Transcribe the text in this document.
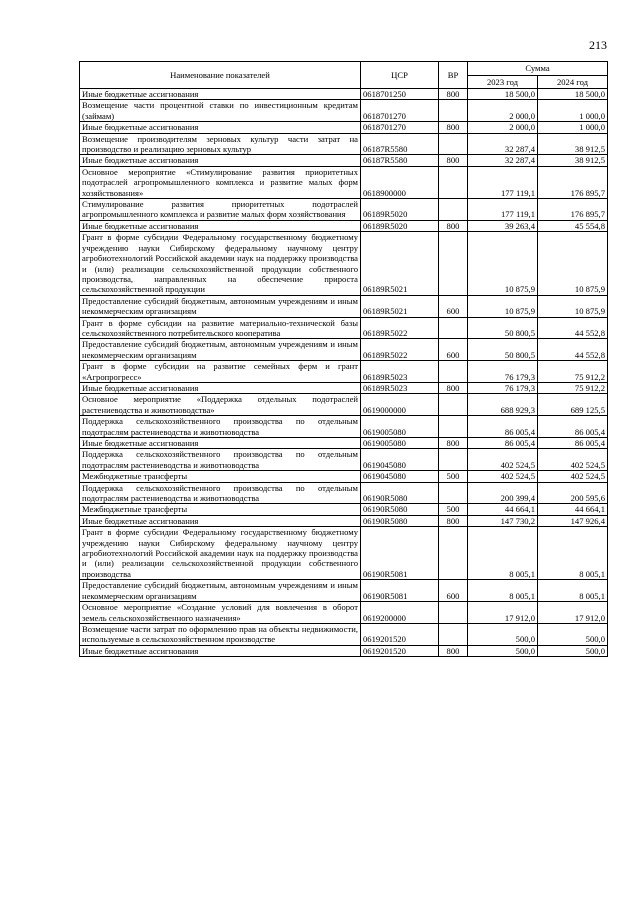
213
Наименование показателей	ЦСР	ВР	Сумма	
			2023 год	2024 год
Иные бюджетные ассигнования	0618701250	800	18 500,0	18 500,0
Возмещение части процентной ставки по инвестиционным кредитам (займам)	0618701270		2 000,0	1 000,0
Иные бюджетные ассигнования	0618701270	800	2 000,0	1 000,0
Возмещение производителям зерновых культур части затрат на производство и реализацию зерновых культур	06187R5580		32 287,4	38 912,5
Иные бюджетные ассигнования	06187R5580	800	32 287,4	38 912,5
Основное мероприятие «Стимулирование развития приоритетных подотраслей агропромышленного комплекса и развитие малых форм хозяйствования»	0618900000		177 119,1	176 895,7
Стимулирование развития приоритетных подотраслей агропромышленного комплекса и развитие малых форм хозяйствования	06189R5020		177 119,1	176 895,7
Иные бюджетные ассигнования	06189R5020	800	39 263,4	45 554,8
Грант в форме субсидии Федеральному государственному бюджетному учреждению науки Сибирскому федеральному научному центру агробиотехнологий Российской академии наук на поддержку производства и (или) реализации сельскохозяйственной продукции собственного производства, направленных на обеспечение прироста сельскохозяйственной продукции	06189R5021		10 875,9	10 875,9
Предоставление субсидий бюджетным, автономным учреждениям и иным некоммерческим организациям	06189R5021	600	10 875,9	10 875,9
Грант в форме субсидии на развитие материально-технической базы сельскохозяйственного потребительского кооператива	06189R5022		50 800,5	44 552,8
Предоставление субсидий бюджетным, автономным учреждениям и иным некоммерческим организациям	06189R5022	600	50 800,5	44 552,8
Грант в форме субсидии на развитие семейных ферм и грант «Агропрогресс»	06189R5023		76 179,3	75 912,2
Иные бюджетные ассигнования	06189R5023	800	76 179,3	75 912,2
Основное мероприятие «Поддержка отдельных подотраслей растениеводства и животноводства»	0619000000		688 929,3	689 125,5
Поддержка сельскохозяйственного производства по отдельным подотраслям растениеводства и животноводства	0619005080		86 005,4	86 005,4
Иные бюджетные ассигнования	0619005080	800	86 005,4	86 005,4
Поддержка сельскохозяйственного производства по отдельным подотраслям растениеводства и животноводства	0619045080		402 524,5	402 524,5
Межбюджетные трансферты	0619045080	500	402 524,5	402 524,5
Поддержка сельскохозяйственного производства по отдельным подотраслям растениеводства и животноводства	06190R5080		200 399,4	200 595,6
Межбюджетные трансферты	06190R5080	500	44 664,1	44 664,1
Иные бюджетные ассигнования	06190R5080	800	147 730,2	147 926,4
Грант в форме субсидии Федеральному государственному бюджетному учреждению науки Сибирскому федеральному научному центру агробиотехнологий Российской академии наук на поддержку производства и (или) реализации сельскохозяйственной продукции собственного производства	06190R5081		8 005,1	8 005,1
Предоставление субсидий бюджетным, автономным учреждениям и иным некоммерческим организациям	06190R5081	600	8 005,1	8 005,1
Основное мероприятие «Создание условий для вовлечения в оборот земель сельскохозяйственного назначения»	0619200000		17 912,0	17 912,0
Возмещение части затрат по оформлению прав на объекты недвижимости, используемые в сельскохозяйственном производстве	0619201520		500,0	500,0
Иные бюджетные ассигнования	0619201520	800	500,0	500,0
